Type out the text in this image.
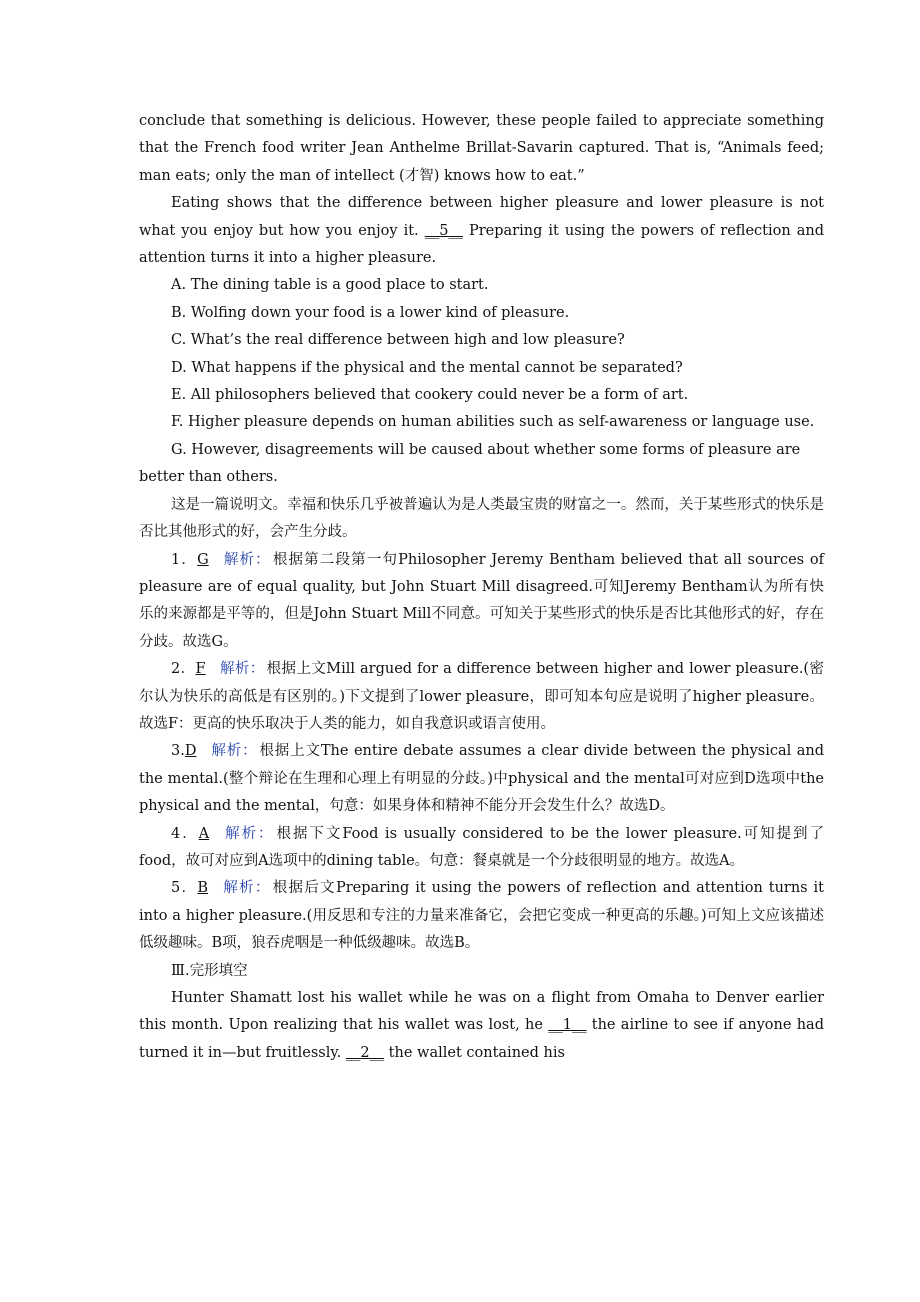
conclude that something is delicious. However, these people failed to appreciate something that the French food writer Jean Anthelme Brillat-Savarin captured. That is, “Animals feed; man eats; only the man of intellect (才智) knows how to eat.”

Eating shows that the difference between higher pleasure and lower pleasure is not what you enjoy but how you enjoy it. __5__ Preparing it using the powers of reflection and attention turns it into a higher pleasure.

A. The dining table is a good place to start.

B. Wolfing down your food is a lower kind of pleasure.

C. What’s the real difference between high and low pleasure?

D. What happens if the physical and the mental cannot be separated?

E. All philosophers believed that cookery could never be a form of art.

F. Higher pleasure depends on human abilities such as self-awareness or language use.

G. However, disagreements will be caused about whether some forms of pleasure are better than others.

这是一篇说明文。幸福和快乐几乎被普遍认为是人类最宝贵的财富之一。然而，关于某些形式的快乐是否比其他形式的好，会产生分歧。

1．G 解析： 根据第二段第一句Philosopher Jeremy Bentham believed that all sources of pleasure are of equal quality, but John Stuart Mill disagreed.可知Jeremy Bentham认为所有快乐的来源都是平等的，但是John Stuart Mill不同意。可知关于某些形式的快乐是否比其他形式的好，存在分歧。故选G。

2．F 解析： 根据上文Mill argued for a difference between higher and lower pleasure.(密尔认为快乐的高低是有区别的。)下文提到了lower pleasure，即可知本句应是说明了higher pleasure。故选F：更高的快乐取决于人类的能力，如自我意识或语言使用。

3.D 解析： 根据上文The entire debate assumes a clear divide between the physical and the mental.(整个辩论在生理和心理上有明显的分歧。)中physical and the mental可对应到D选项中the physical and the mental，句意：如果身体和精神不能分开会发生什么？故选D。

4．A 解析： 根据下文Food is usually considered to be the lower pleasure.可知提到了food，故可对应到A选项中的dining table。句意：餐桌就是一个分歧很明显的地方。故选A。

5．B 解析： 根据后文Preparing it using the powers of reflection and attention turns it into a higher pleasure.(用反思和专注的力量来准备它，会把它变成一种更高的乐趣。)可知上文应该描述低级趣味。B项，狼吞虎咽是一种低级趣味。故选B。

Ⅲ.完形填空

Hunter Shamatt lost his wallet while he was on a flight from Omaha to Denver earlier this month. Upon realizing that his wallet was lost, he __1__ the airline to see if anyone had turned it in—but fruitlessly. __2__ the wallet contained his
